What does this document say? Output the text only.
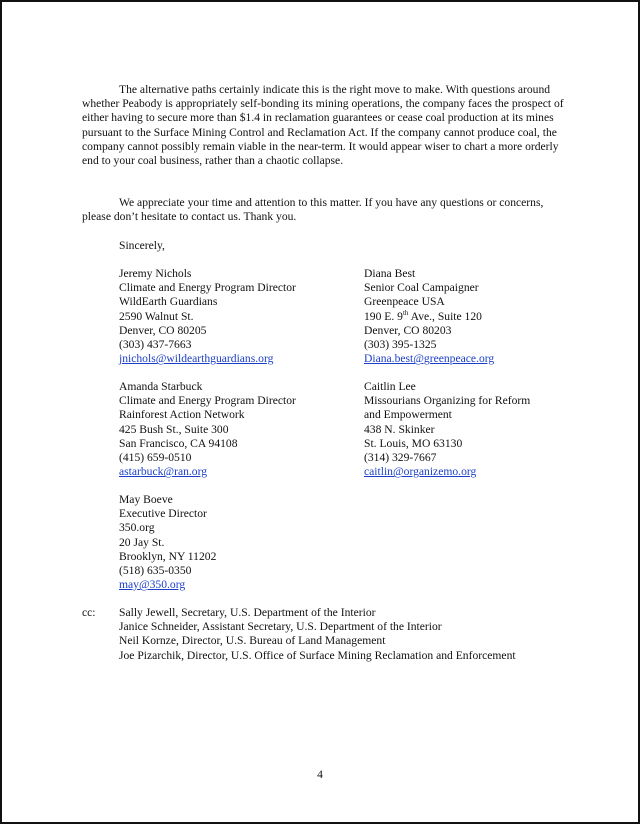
The alternative paths certainly indicate this is the right move to make. With questions around whether Peabody is appropriately self-bonding its mining operations, the company faces the prospect of either having to secure more than $1.4 in reclamation guarantees or cease coal production at its mines pursuant to the Surface Mining Control and Reclamation Act. If the company cannot produce coal, the company cannot possibly remain viable in the near-term. It would appear wiser to chart a more orderly end to your coal business, rather than a chaotic collapse.

We appreciate your time and attention to this matter. If you have any questions or concerns, please don’t hesitate to contact us. Thank you.

Sincerely,
Jeremy Nichols
Climate and Energy Program Director
WildEarth Guardians
2590 Walnut St.
Denver, CO 80205
(303) 437-7663
jnichols@wildearthguardians.org
Diana Best
Senior Coal Campaigner
Greenpeace USA
190 E. 9th Ave., Suite 120
Denver, CO 80203
(303) 395-1325
Diana.best@greenpeace.org
Amanda Starbuck
Climate and Energy Program Director
Rainforest Action Network
425 Bush St., Suite 300
San Francisco, CA 94108
(415) 659-0510
astarbuck@ran.org
Caitlin Lee
Missourians Organizing for Reform
and Empowerment
438 N. Skinker
St. Louis, MO 63130
(314) 329-7667
caitlin@organizemo.org
May Boeve
Executive Director
350.org
20 Jay St.
Brooklyn, NY 11202
(518) 635-0350
may@350.org
cc: Sally Jewell, Secretary, U.S. Department of the Interior
Janice Schneider, Assistant Secretary, U.S. Department of the Interior
Neil Kornze, Director, U.S. Bureau of Land Management
Joe Pizarchik, Director, U.S. Office of Surface Mining Reclamation and Enforcement
4
